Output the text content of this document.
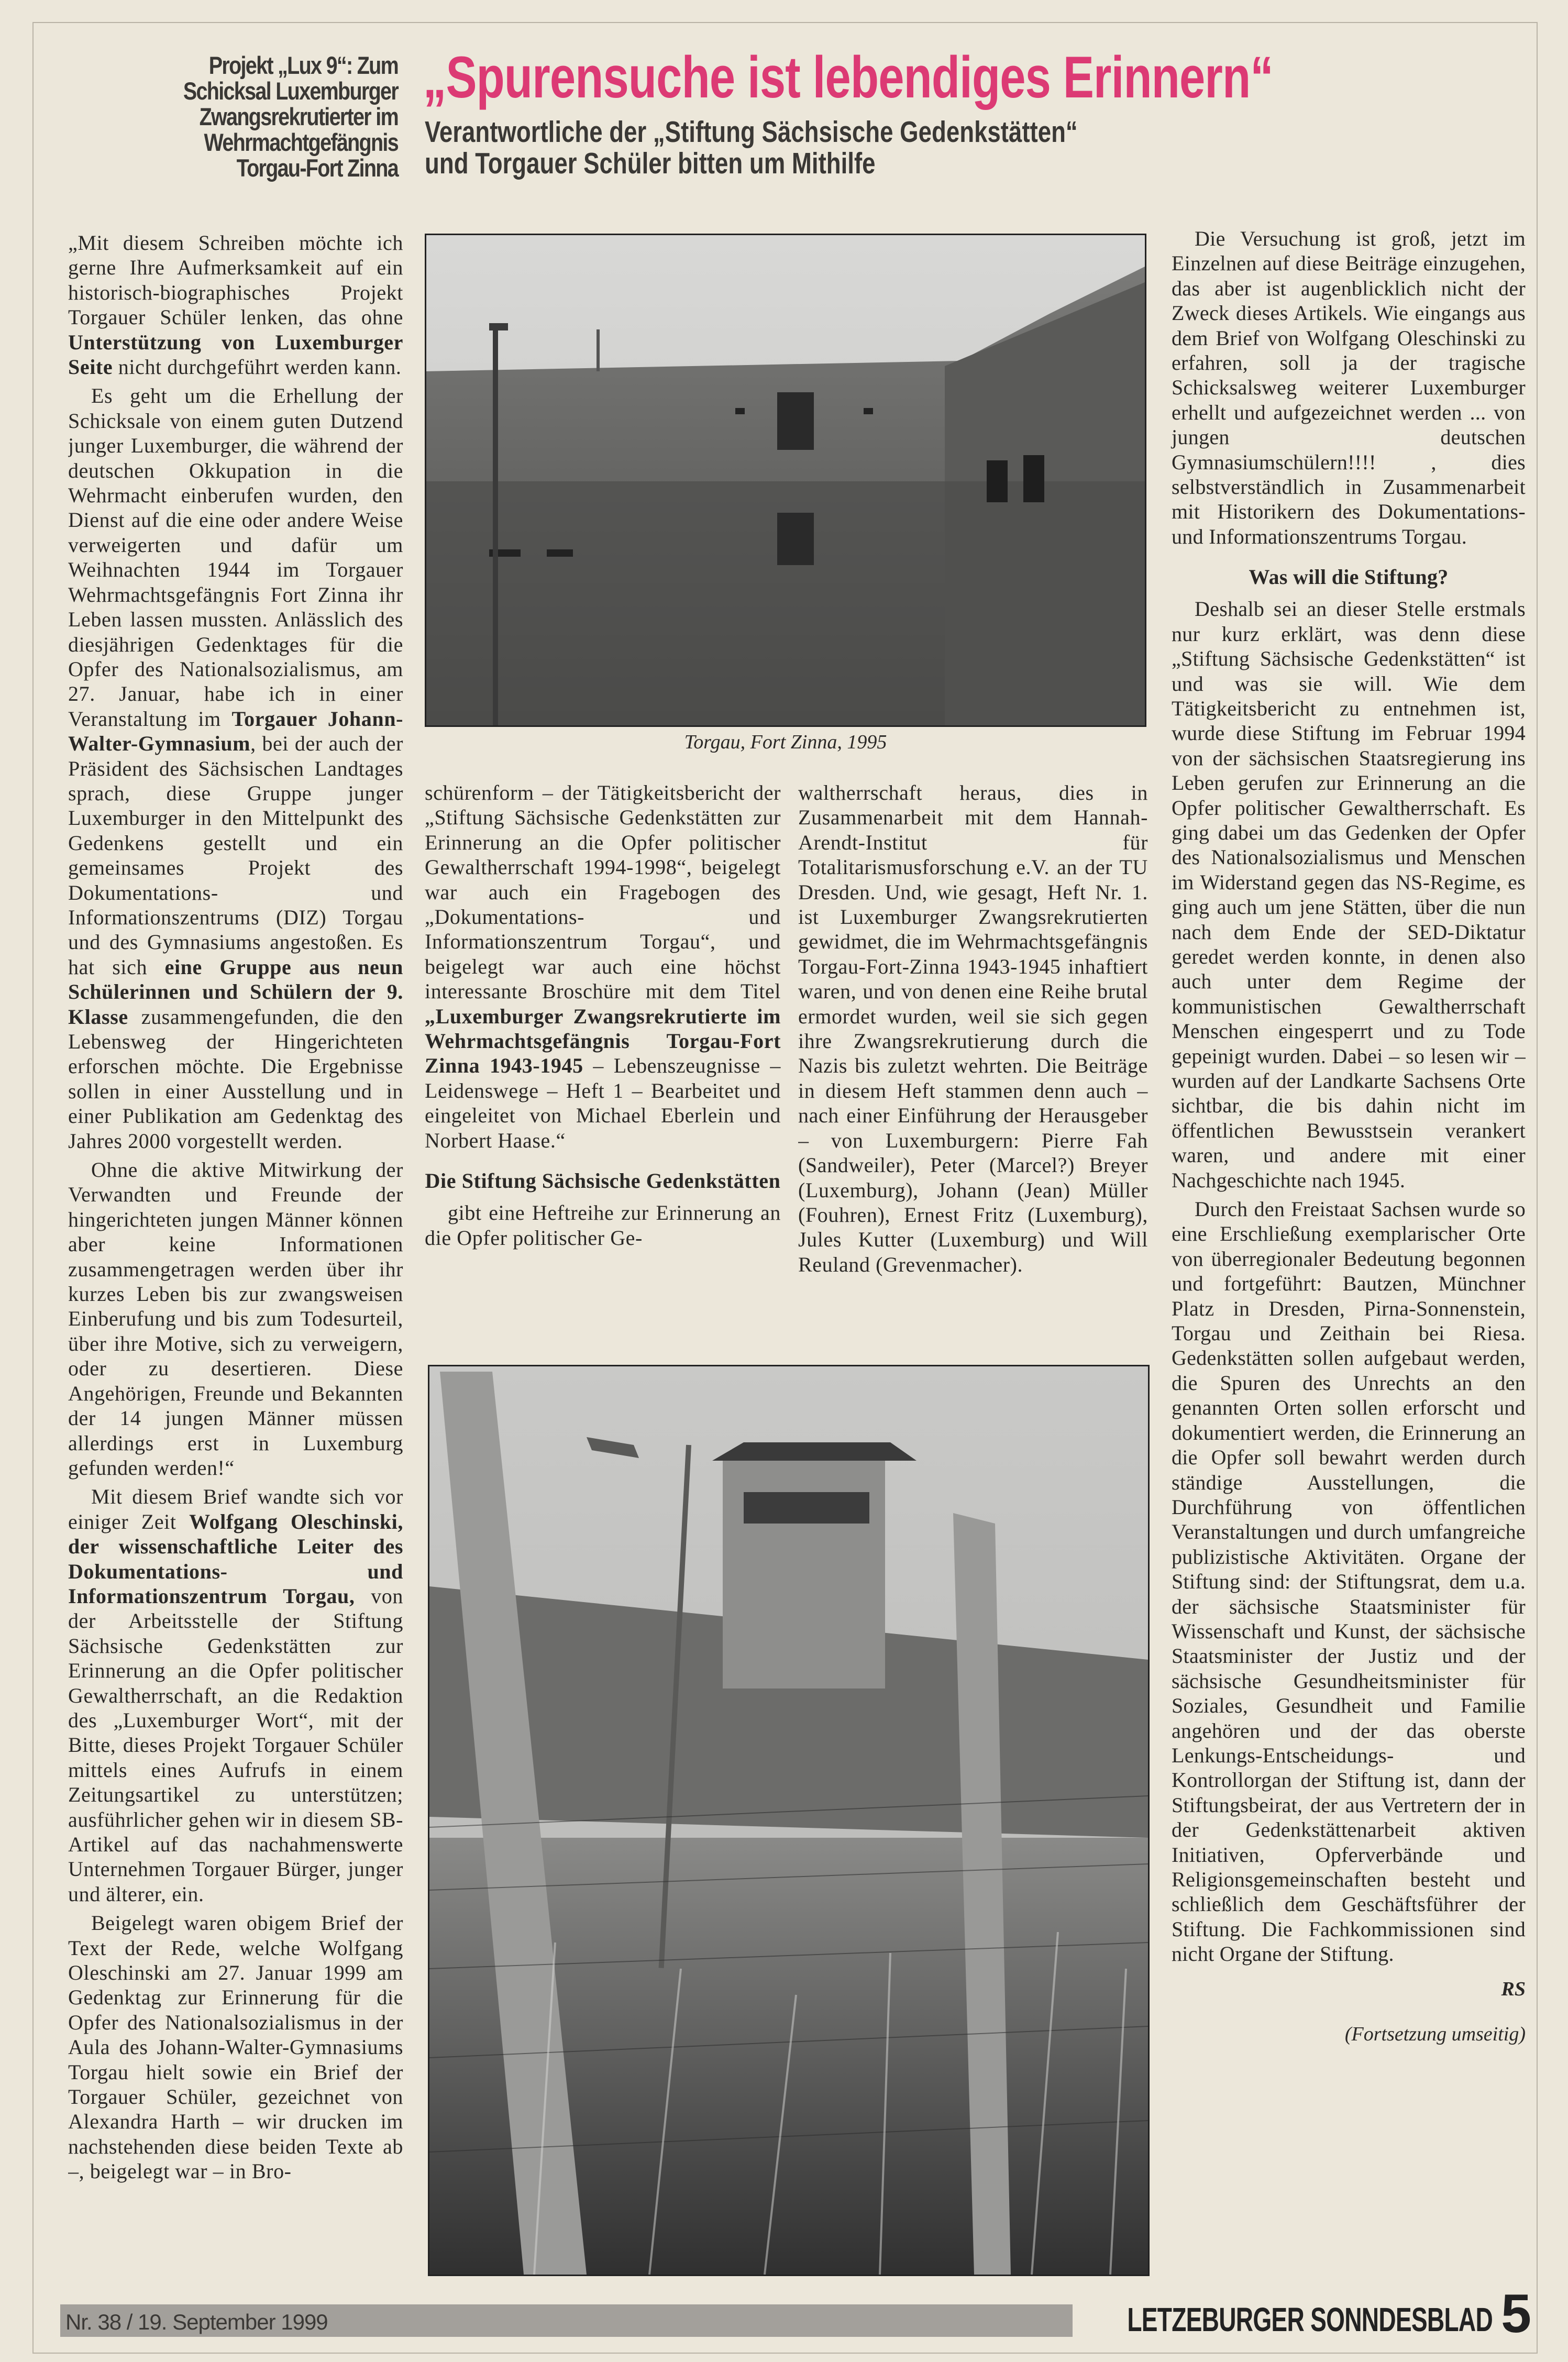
Projekt „Lux 9“: Zum
Schicksal Luxemburger
Zwangsrekrutierter im
Wehrmachtgefängnis
Torgau-Fort Zinna
„Spurensuche ist lebendiges Erinnern“
Verantwortliche der „Stiftung Sächsische Gedenkstätten“
und Torgauer Schüler bitten um Mithilfe

„Mit diesem Schreiben möchte ich gerne Ihre Aufmerksamkeit auf ein historisch-biographisches Projekt Torgauer Schüler lenken, das ohne Unterstützung von Luxemburger Seite nicht durchgeführt werden kann.

Es geht um die Erhellung der Schicksale von einem guten Dutzend junger Luxemburger, die während der deutschen Okkupation in die Wehrmacht einberufen wurden, den Dienst auf die eine oder andere Weise verweigerten und dafür um Weihnachten 1944 im Torgauer Wehrmachtsgefängnis Fort Zinna ihr Leben lassen mussten. Anlässlich des diesjährigen Gedenktages für die Opfer des Nationalsozialismus, am 27. Januar, habe ich in einer Veranstaltung im Torgauer Johann-Walter-Gymnasium, bei der auch der Präsident des Sächsischen Landtages sprach, diese Gruppe junger Luxemburger in den Mittelpunkt des Gedenkens gestellt und ein gemeinsames Projekt des Dokumentations- und Informationszentrums (DIZ) Torgau und des Gymnasiums angestoßen. Es hat sich eine Gruppe aus neun Schülerinnen und Schülern der 9. Klasse zusammengefunden, die den Lebensweg der Hingerichteten erforschen möchte. Die Ergebnisse sollen in einer Ausstellung und in einer Publikation am Gedenktag des Jahres 2000 vorgestellt werden.

Ohne die aktive Mitwirkung der Verwandten und Freunde der hingerichteten jungen Männer können aber keine Informationen zusammengetragen werden über ihr kurzes Leben bis zur zwangsweisen Einberufung und bis zum Todesurteil, über ihre Motive, sich zu verweigern, oder zu desertieren. Diese Angehörigen, Freunde und Bekannten der 14 jungen Männer müssen allerdings erst in Luxemburg gefunden werden!“

Mit diesem Brief wandte sich vor einiger Zeit Wolfgang Oleschinski, der wissenschaftliche Leiter des Dokumentations- und Informationszentrum Torgau, von der Arbeitsstelle der Stiftung Sächsische Gedenkstätten zur Erinnerung an die Opfer politischer Gewaltherrschaft, an die Redaktion des „Luxemburger Wort“, mit der Bitte, dieses Projekt Torgauer Schüler mittels eines Aufrufs in einem Zeitungsartikel zu unterstützen; ausführlicher gehen wir in diesem SB-Artikel auf das nachahmenswerte Unternehmen Torgauer Bürger, junger und älterer, ein.

Beigelegt waren obigem Brief der Text der Rede, welche Wolfgang Oleschinski am 27. Januar 1999 am Gedenktag zur Erinnerung für die Opfer des Nationalsozialismus in der Aula des Johann-Walter-Gymnasiums Torgau hielt sowie ein Brief der Torgauer Schüler, gezeichnet von Alexandra Harth – wir drucken im nachstehenden diese beiden Texte ab –, beigelegt war – in Bro-

Torgau, Fort Zinna, 1995

schürenform – der Tätigkeitsbericht der „Stiftung Sächsische Gedenkstätten zur Erinnerung an die Opfer politischer Gewaltherrschaft 1994-1998“, beigelegt war auch ein Fragebogen des „Dokumentations- und Informationszentrum Torgau“, und beigelegt war auch eine höchst interessante Broschüre mit dem Titel „Luxemburger Zwangsrekrutierte im Wehrmachtsgefängnis Torgau-Fort Zinna 1943-1945 – Lebenszeugnisse – Leidenswege – Heft 1 – Bearbeitet und eingeleitet von Michael Eberlein und Norbert Haase.“

Die Stiftung Sächsische Gedenkstätten

gibt eine Heftreihe zur Erinnerung an die Opfer politischer Ge-

waltherrschaft heraus, dies in Zusammenarbeit mit dem Hannah-Arendt-Institut für Totalitarismusforschung e.V. an der TU Dresden. Und, wie gesagt, Heft Nr. 1. ist Luxemburger Zwangsrekrutierten gewidmet, die im Wehrmachtsgefängnis Torgau-Fort-Zinna 1943-1945 inhaftiert waren, und von denen eine Reihe brutal ermordet wurden, weil sie sich gegen ihre Zwangsrekrutierung durch die Nazis bis zuletzt wehrten. Die Beiträge in diesem Heft stammen denn auch – nach einer Einführung der Herausgeber – von Luxemburgern: Pierre Fah (Sandweiler), Peter (Marcel?) Breyer (Luxemburg), Johann (Jean) Müller (Fouhren), Ernest Fritz (Luxemburg), Jules Kutter (Luxemburg) und Will Reuland (Grevenmacher).

Die Versuchung ist groß, jetzt im Einzelnen auf diese Beiträge einzugehen, das aber ist augenblicklich nicht der Zweck dieses Artikels. Wie eingangs aus dem Brief von Wolfgang Oleschinski zu erfahren, soll ja der tragische Schicksalsweg weiterer Luxemburger erhellt und aufgezeichnet werden ... von jungen deutschen Gymnasiumschülern!!!! , dies selbstverständlich in Zusammenarbeit mit Historikern des Dokumentations- und Informationszentrums Torgau.

Was will die Stiftung?

Deshalb sei an dieser Stelle erstmals nur kurz erklärt, was denn diese „Stiftung Sächsische Gedenkstätten“ ist und was sie will. Wie dem Tätigkeitsbericht zu entnehmen ist, wurde diese Stiftung im Februar 1994 von der sächsischen Staatsregierung ins Leben gerufen zur Erinnerung an die Opfer politischer Gewaltherrschaft. Es ging dabei um das Gedenken der Opfer des Nationalsozialismus und Menschen im Widerstand gegen das NS-Regime, es ging auch um jene Stätten, über die nun nach dem Ende der SED-Diktatur geredet werden konnte, in denen also auch unter dem Regime der kommunistischen Gewaltherrschaft Menschen eingesperrt und zu Tode gepeinigt wurden. Dabei – so lesen wir – wurden auf der Landkarte Sachsens Orte sichtbar, die bis dahin nicht im öffentlichen Bewusstsein verankert waren, und andere mit einer Nachgeschichte nach 1945.

Durch den Freistaat Sachsen wurde so eine Erschließung exemplarischer Orte von überregionaler Bedeutung begonnen und fortgeführt: Bautzen, Münchner Platz in Dresden, Pirna-Sonnenstein, Torgau und Zeithain bei Riesa. Gedenkstätten sollen aufgebaut werden, die Spuren des Unrechts an den genannten Orten sollen erforscht und dokumentiert werden, die Erinnerung an die Opfer soll bewahrt werden durch ständige Ausstellungen, die Durchführung von öffentlichen Veranstaltungen und durch umfangreiche publizistische Aktivitäten. Organe der Stiftung sind: der Stiftungsrat, dem u.a. der sächsische Staatsminister für Wissenschaft und Kunst, der sächsische Staatsminister der Justiz und der sächsische Gesundheitsminister für Soziales, Gesundheit und Familie angehören und der das oberste Lenkungs-Entscheidungs- und Kontrollorgan der Stiftung ist, dann der Stiftungsbeirat, der aus Vertretern der in der Gedenkstättenarbeit aktiven Initiativen, Opferverbände und Religionsgemeinschaften besteht und schließlich dem Geschäftsführer der Stiftung. Die Fachkommissionen sind nicht Organe der Stiftung.

RS
(Fortsetzung umseitig)
Nr. 38 / 19. September 1999	LETZEBURGER SONNDESBLAD 5
